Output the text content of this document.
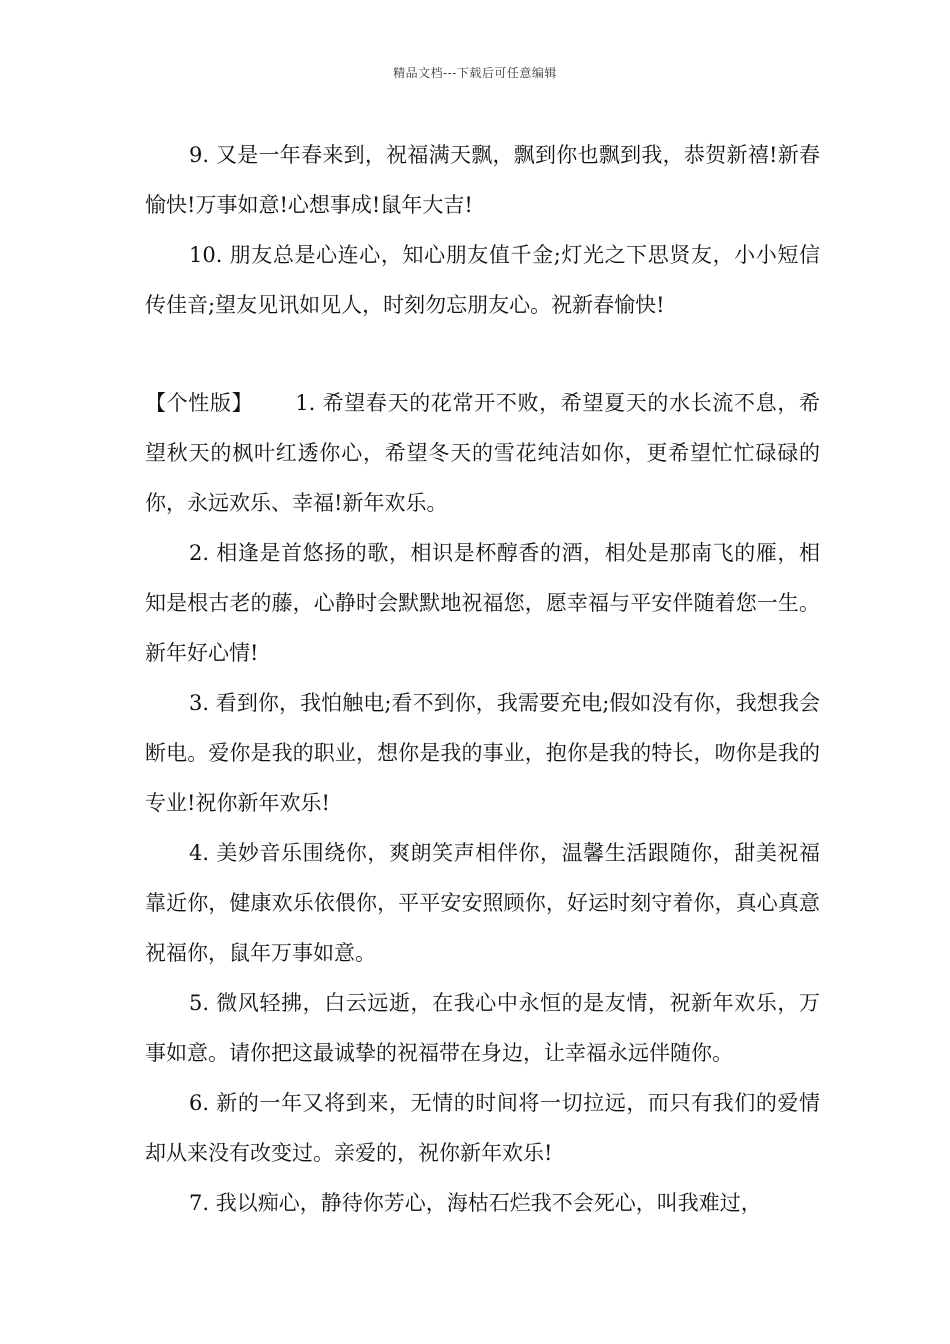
精品文档---下载后可任意编辑

9. 又是一年春来到，祝福满天飘，飘到你也飘到我，恭贺新禧!新春愉快!万事如意!心想事成!鼠年大吉!

10. 朋友总是心连心，知心朋友值千金;灯光之下思贤友，小小短信传佳音;望友见讯如见人，时刻勿忘朋友心。祝新春愉快!

【个性版】   1. 希望春天的花常开不败，希望夏天的水长流不息，希望秋天的枫叶红透你心，希望冬天的雪花纯洁如你，更希望忙忙碌碌的你，永远欢乐、幸福!新年欢乐。

2. 相逢是首悠扬的歌，相识是杯醇香的酒，相处是那南飞的雁，相知是根古老的藤，心静时会默默地祝福您，愿幸福与平安伴随着您一生。新年好心情!

3. 看到你，我怕触电;看不到你，我需要充电;假如没有你，我想我会断电。爱你是我的职业，想你是我的事业，抱你是我的特长，吻你是我的专业!祝你新年欢乐!

4. 美妙音乐围绕你，爽朗笑声相伴你，温馨生活跟随你，甜美祝福靠近你，健康欢乐依偎你，平平安安照顾你，好运时刻守着你，真心真意祝福你，鼠年万事如意。

5. 微风轻拂，白云远逝，在我心中永恒的是友情，祝新年欢乐，万事如意。请你把这最诚挚的祝福带在身边，让幸福永远伴随你。

6. 新的一年又将到来，无情的时间将一切拉远，而只有我们的爱情却从来没有改变过。亲爱的，祝你新年欢乐!

7. 我以痴心，静待你芳心，海枯石烂我不会死心，叫我难过，
